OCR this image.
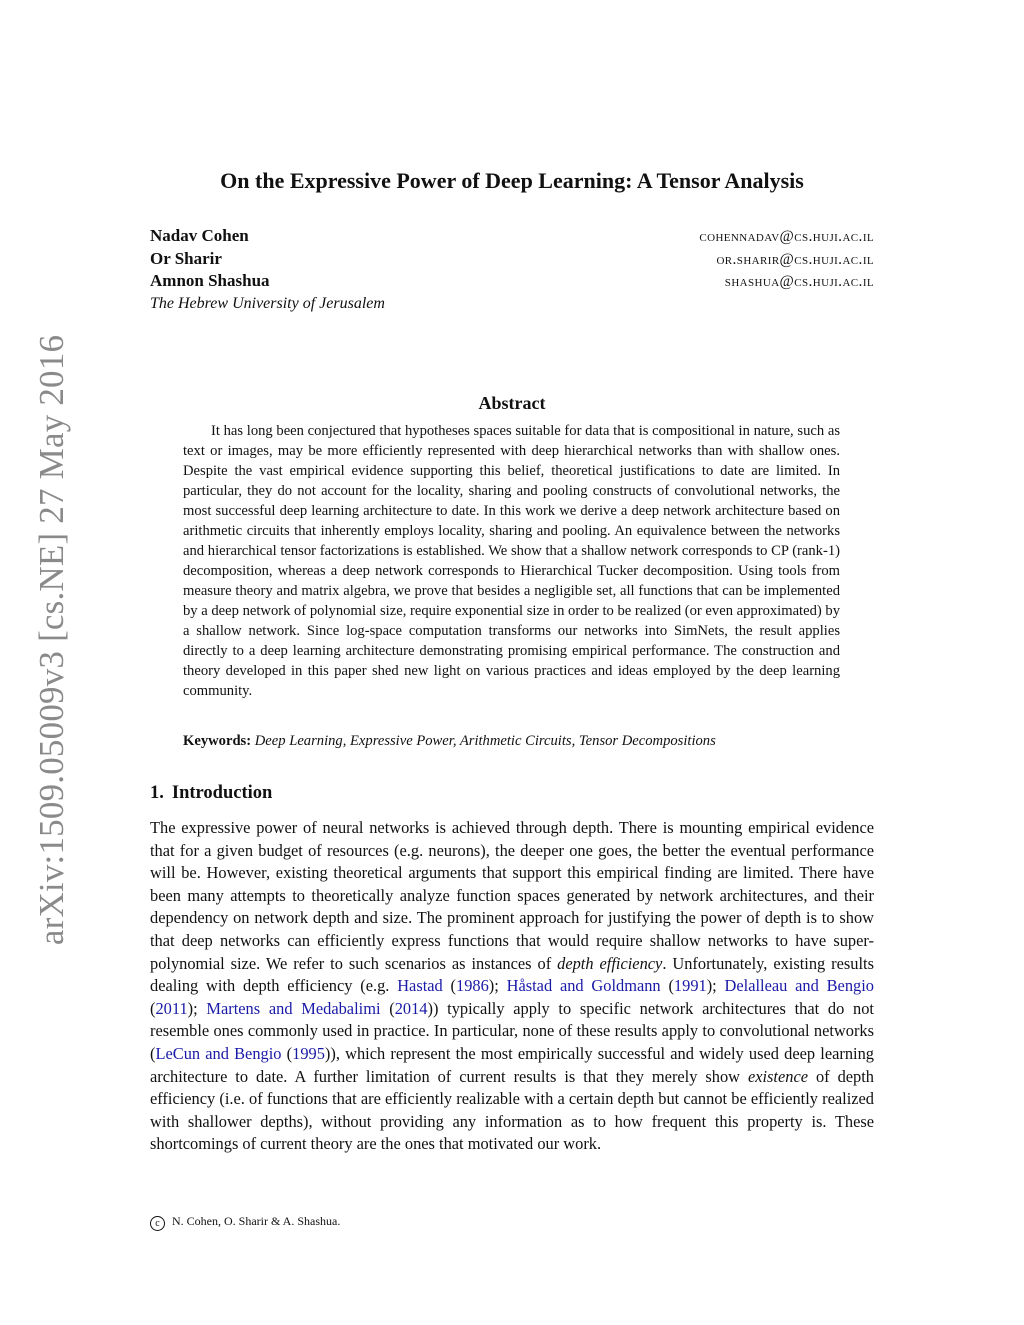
arXiv:1509.05009v3 [cs.NE] 27 May 2016
On the Expressive Power of Deep Learning: A Tensor Analysis
Nadav Cohen	cohennadav@cs.huji.ac.il
Or Sharir	or.sharir@cs.huji.ac.il
Amnon Shashua	shashua@cs.huji.ac.il
The Hebrew University of Jerusalem
Abstract

It has long been conjectured that hypotheses spaces suitable for data that is compositional in nature, such as text or images, may be more efficiently represented with deep hierarchical networks than with shallow ones. Despite the vast empirical evidence supporting this belief, theoretical justifications to date are limited. In particular, they do not account for the locality, sharing and pooling constructs of convolutional networks, the most successful deep learning architecture to date. In this work we derive a deep network architecture based on arithmetic circuits that inherently employs locality, sharing and pooling. An equivalence between the networks and hierarchical tensor factorizations is established. We show that a shallow network corresponds to CP (rank-1) decomposition, whereas a deep network corresponds to Hierarchical Tucker decomposition. Using tools from measure theory and matrix algebra, we prove that besides a negligible set, all functions that can be implemented by a deep network of polynomial size, require exponential size in order to be realized (or even approximated) by a shallow network. Since log-space computation transforms our networks into SimNets, the result applies directly to a deep learning architecture demonstrating promising empirical performance. The construction and theory developed in this paper shed new light on various practices and ideas employed by the deep learning community.

Keywords: Deep Learning, Expressive Power, Arithmetic Circuits, Tensor Decompositions
1. Introduction

The expressive power of neural networks is achieved through depth. There is mounting empirical evidence that for a given budget of resources (e.g. neurons), the deeper one goes, the better the eventual performance will be. However, existing theoretical arguments that support this empirical finding are limited. There have been many attempts to theoretically analyze function spaces generated by network architectures, and their dependency on network depth and size. The prominent approach for justifying the power of depth is to show that deep networks can efficiently express functions that would require shallow networks to have super-polynomial size. We refer to such scenarios as instances of depth efficiency. Unfortunately, existing results dealing with depth efficiency (e.g. Hastad (1986); Håstad and Goldmann (1991); Delalleau and Bengio (2011); Martens and Medabalimi (2014)) typically apply to specific network architectures that do not resemble ones commonly used in practice. In particular, none of these results apply to convolutional networks (LeCun and Bengio (1995)), which represent the most empirically successful and widely used deep learning architecture to date. A further limitation of current results is that they merely show existence of depth efficiency (i.e. of functions that are efficiently realizable with a certain depth but cannot be efficiently realized with shallower depths), without providing any information as to how frequent this property is. These shortcomings of current theory are the ones that motivated our work.

c N. Cohen, O. Sharir & A. Shashua.
